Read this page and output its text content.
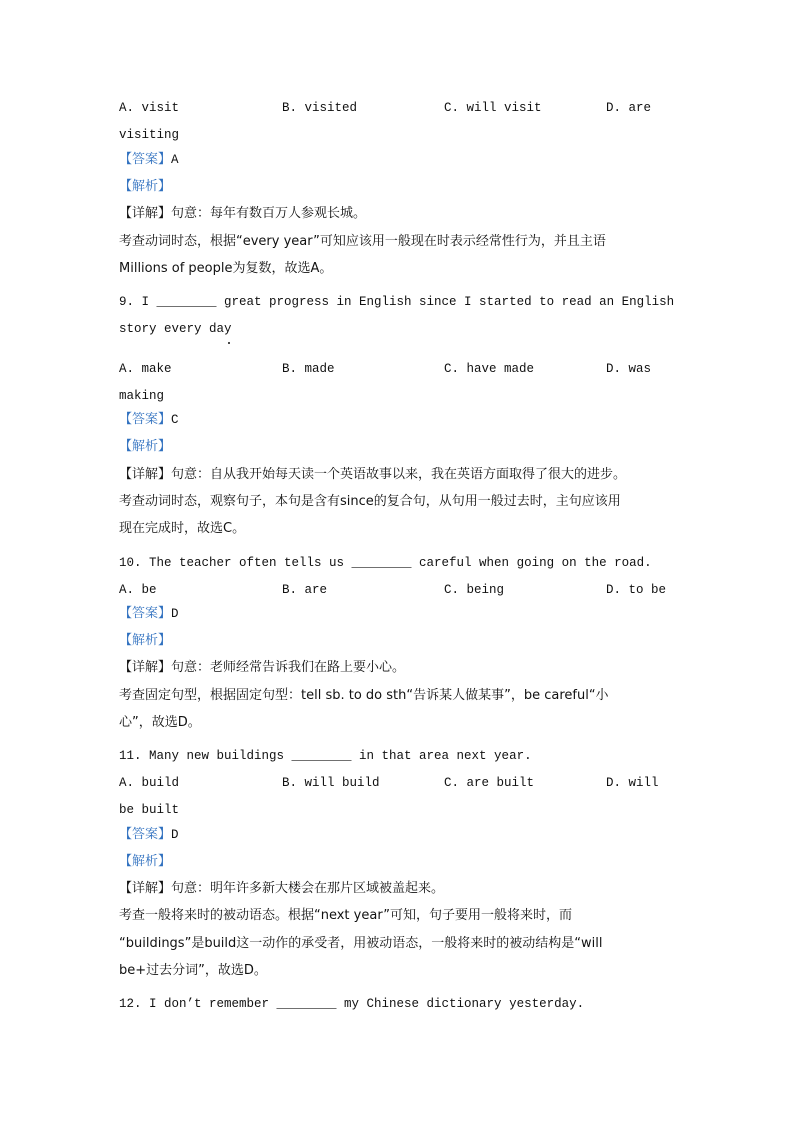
A. visit	B. visited	C. will visit	D. are
visiting
【答案】A
【解析】
【详解】句意：每年有数百万人参观长城。
考查动词时态，根据“every year”可知应该用一般现在时表示经常性行为，并且主语
Millions of people为复数，故选A。
9. I ________ great progress in English since I started to read an English
story every day
A. make	B. made	C. have made	D. was
making
【答案】C
【解析】
【详解】句意：自从我开始每天读一个英语故事以来，我在英语方面取得了很大的进步。
考查动词时态，观察句子，本句是含有since的复合句，从句用一般过去时，主句应该用
现在完成时，故选C。
10. The teacher often tells us ________ careful when going on the road.
A. be	B. are	C. being	D. to be
【答案】D
【解析】
【详解】句意：老师经常告诉我们在路上要小心。
考查固定句型，根据固定句型：tell sb. to do sth“告诉某人做某事”，be careful“小
心”，故选D。
11. Many new buildings ________ in that area next year.
A. build	B. will build	C. are built	D. will
be built
【答案】D
【解析】
【详解】句意：明年许多新大楼会在那片区域被盖起来。
考查一般将来时的被动语态。根据“next year”可知，句子要用一般将来时，而
“buildings”是build这一动作的承受者，用被动语态，一般将来时的被动结构是“will
be+过去分词”，故选D。
12. I don’t remember ________ my Chinese dictionary yesterday.
